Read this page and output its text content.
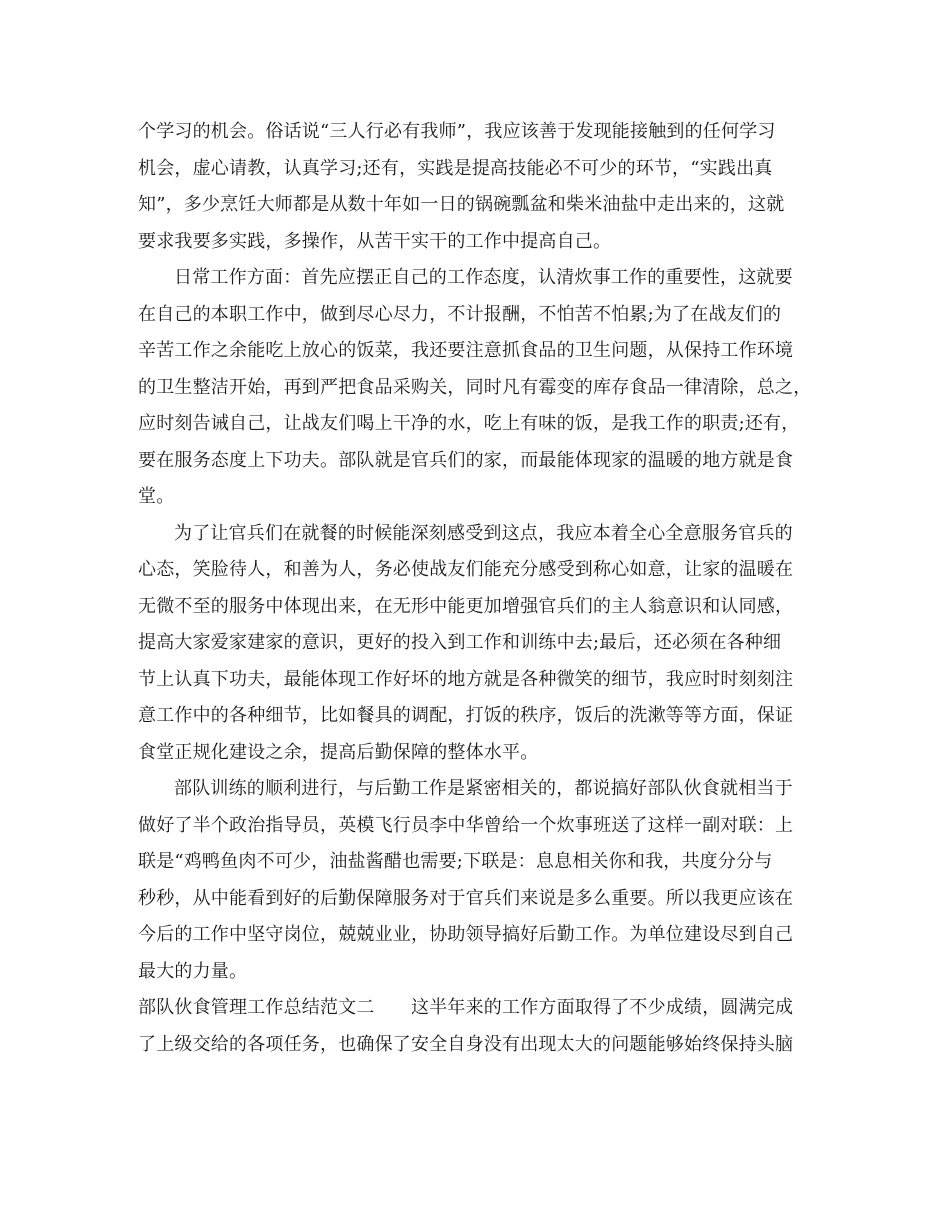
个学习的机会。俗话说“三人行必有我师”，我应该善于发现能接触到的任何学习
机会，虚心请教，认真学习;还有，实践是提高技能必不可少的环节，“实践出真
知”，多少烹饪大师都是从数十年如一日的锅碗瓢盆和柴米油盐中走出来的，这就
要求我要多实践，多操作，从苦干实干的工作中提高自己。
日常工作方面：首先应摆正自己的工作态度，认清炊事工作的重要性，这就要
在自己的本职工作中，做到尽心尽力，不计报酬，不怕苦不怕累;为了在战友们的
辛苦工作之余能吃上放心的饭菜，我还要注意抓食品的卫生问题，从保持工作环境
的卫生整洁开始，再到严把食品采购关，同时凡有霉变的库存食品一律清除，总之，
应时刻告诫自己，让战友们喝上干净的水，吃上有味的饭，是我工作的职责;还有，
要在服务态度上下功夫。部队就是官兵们的家，而最能体现家的温暖的地方就是食
堂。
为了让官兵们在就餐的时候能深刻感受到这点，我应本着全心全意服务官兵的
心态，笑脸待人，和善为人，务必使战友们能充分感受到称心如意，让家的温暖在
无微不至的服务中体现出来，在无形中能更加增强官兵们的主人翁意识和认同感，
提高大家爱家建家的意识，更好的投入到工作和训练中去;最后，还必须在各种细
节上认真下功夫，最能体现工作好坏的地方就是各种微笑的细节，我应时时刻刻注
意工作中的各种细节，比如餐具的调配，打饭的秩序，饭后的洗漱等等方面，保证
食堂正规化建设之余，提高后勤保障的整体水平。
部队训练的顺利进行，与后勤工作是紧密相关的，都说搞好部队伙食就相当于
做好了半个政治指导员，英模飞行员李中华曾给一个炊事班送了这样一副对联：上
联是“鸡鸭鱼肉不可少，油盐酱醋也需要;下联是：息息相关你和我，共度分分与
秒秒，从中能看到好的后勤保障服务对于官兵们来说是多么重要。所以我更应该在
今后的工作中坚守岗位，兢兢业业，协助领导搞好后勤工作。为单位建设尽到自己
最大的力量。
部队伙食管理工作总结范文二　　这半年来的工作方面取得了不少成绩，圆满完成
了上级交给的各项任务，也确保了安全自身没有出现太大的问题能够始终保持头脑
